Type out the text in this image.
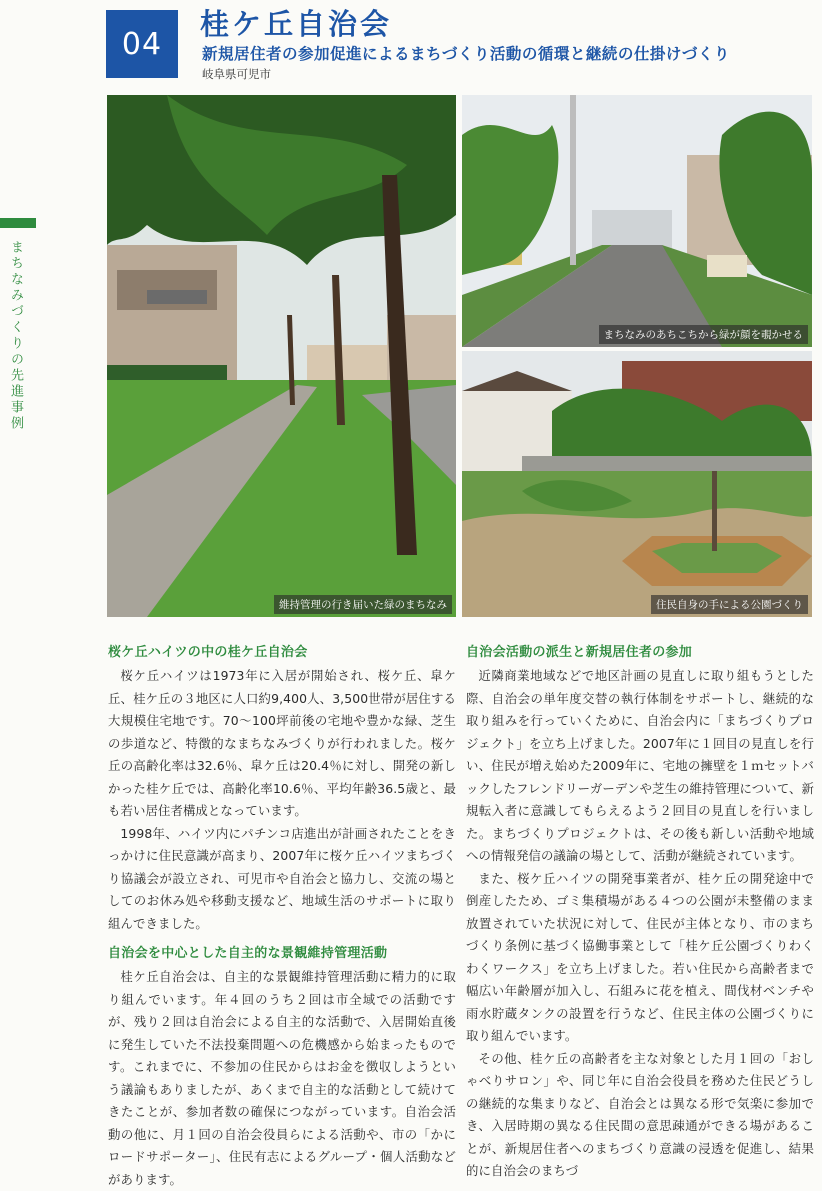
04
桂ケ丘自治会
新規居住者の参加促進によるまちづくり活動の循環と継続の仕掛けづくり
岐阜県可児市
まちなみづくりの先進事例
維持管理の行き届いた緑のまちなみ
まちなみのあちこちから緑が顔を覗かせる
住民自身の手による公園づくり
桜ケ丘ハイツの中の桂ケ丘自治会

桜ケ丘ハイツは1973年に入居が開始され、桜ケ丘、皐ケ丘、桂ケ丘の３地区に人口約9,400人、3,500世帯が居住する大規模住宅地です。70～100坪前後の宅地や豊かな緑、芝生の歩道など、特徴的なまちなみづくりが行われました。桜ケ丘の高齢化率は32.6％、皐ケ丘は20.4％に対し、開発の新しかった桂ケ丘では、高齢化率10.6％、平均年齢36.5歳と、最も若い居住者構成となっています。

1998年、ハイツ内にパチンコ店進出が計画されたことをきっかけに住民意識が高まり、2007年に桜ケ丘ハイツまちづくり協議会が設立され、可児市や自治会と協力し、交流の場としてのお休み処や移動支援など、地域生活のサポートに取り組んできました。

自治会を中心とした自主的な景観維持管理活動

桂ケ丘自治会は、自主的な景観維持管理活動に精力的に取り組んでいます。年４回のうち２回は市全域での活動ですが、残り２回は自治会による自主的な活動で、入居開始直後に発生していた不法投棄問題への危機感から始まったものです。これまでに、不参加の住民からはお金を徴収しようという議論もありましたが、あくまで自主的な活動として続けてきたことが、参加者数の確保につながっています。自治会活動の他に、月１回の自治会役員らによる活動や、市の「かにロードサポーター」、住民有志によるグループ・個人活動などがあります。

自治会活動の派生と新規居住者の参加

近隣商業地域などで地区計画の見直しに取り組もうとした際、自治会の単年度交替の執行体制をサポートし、継続的な取り組みを行っていくために、自治会内に「まちづくりプロジェクト」を立ち上げました。2007年に１回目の見直しを行い、住民が増え始めた2009年に、宅地の擁壁を１ｍセットバックしたフレンドリーガーデンや芝生の維持管理について、新規転入者に意識してもらえるよう２回目の見直しを行いました。まちづくりプロジェクトは、その後も新しい活動や地域への情報発信の議論の場として、活動が継続されています。

また、桜ケ丘ハイツの開発事業者が、桂ケ丘の開発途中で倒産したため、ゴミ集積場がある４つの公園が未整備のまま放置されていた状況に対して、住民が主体となり、市のまちづくり条例に基づく協働事業として「桂ケ丘公園づくりわくわくワークス」を立ち上げました。若い住民から高齢者まで幅広い年齢層が加入し、石組みに花を植え、間伐材ベンチや雨水貯蔵タンクの設置を行うなど、住民主体の公園づくりに取り組んでいます。

その他、桂ケ丘の高齢者を主な対象とした月１回の「おしゃべりサロン」や、同じ年に自治会役員を務めた住民どうしの継続的な集まりなど、自治会とは異なる形で気楽に参加でき、入居時期の異なる住民間の意思疎通ができる場があることが、新規居住者へのまちづくり意識の浸透を促進し、結果的に自治会のまちづ
